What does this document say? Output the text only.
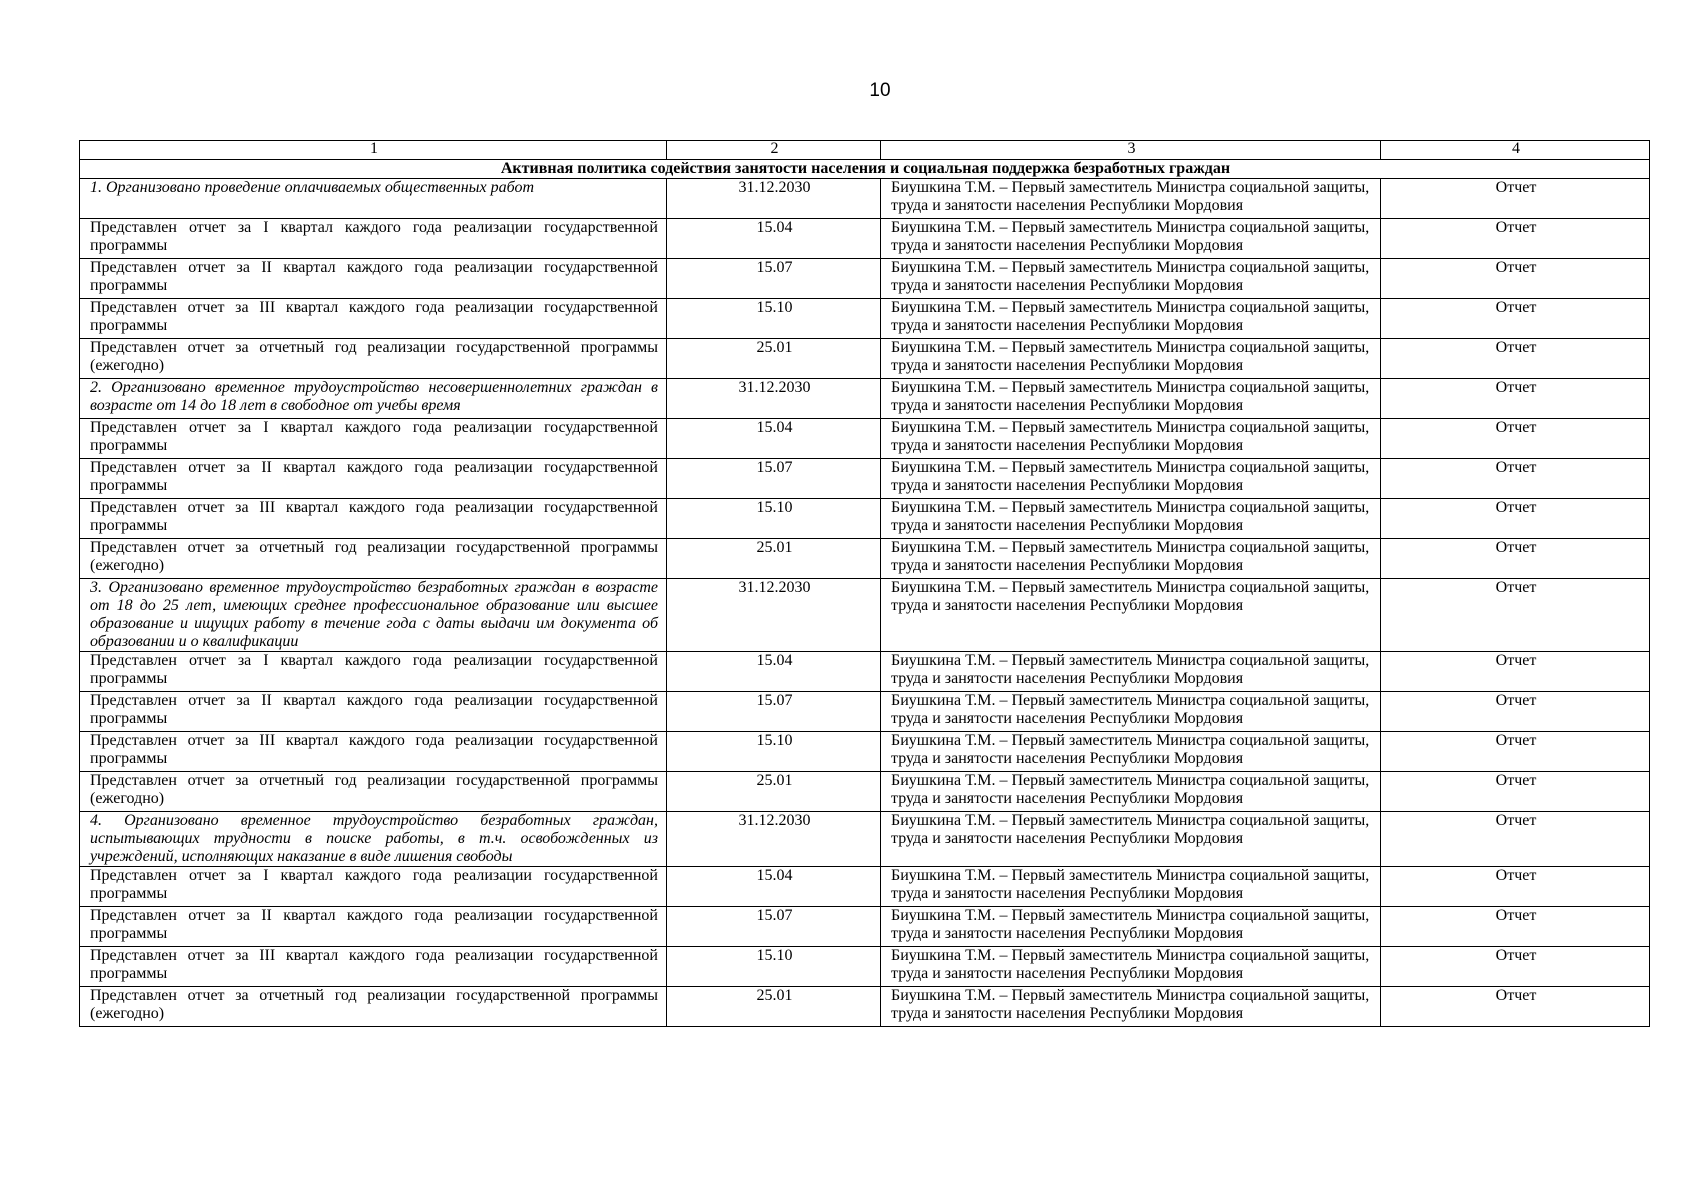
10
1	2	3	4
Активная политика содействия занятости населения и социальная поддержка безработных граждан			
1. Организовано проведение оплачиваемых общественных работ	31.12.2030	Биушкина Т.М. – Первый заместитель Министра социальной защиты, труда и занятости населения Республики Мордовия	Отчет
Представлен отчет за I квартал каждого года реализации государственной программы	15.04	Биушкина Т.М. – Первый заместитель Министра социальной защиты, труда и занятости населения Республики Мордовия	Отчет
Представлен отчет за II квартал каждого года реализации государственной программы	15.07	Биушкина Т.М. – Первый заместитель Министра социальной защиты, труда и занятости населения Республики Мордовия	Отчет
Представлен отчет за III квартал каждого года реализации государственной программы	15.10	Биушкина Т.М. – Первый заместитель Министра социальной защиты, труда и занятости населения Республики Мордовия	Отчет
Представлен отчет за отчетный год реализации государственной программы (ежегодно)	25.01	Биушкина Т.М. – Первый заместитель Министра социальной защиты, труда и занятости населения Республики Мордовия	Отчет
2. Организовано временное трудоустройство несовершеннолетних граждан в возрасте от 14 до 18 лет в свободное от учебы время	31.12.2030	Биушкина Т.М. – Первый заместитель Министра социальной защиты, труда и занятости населения Республики Мордовия	Отчет
Представлен отчет за I квартал каждого года реализации государственной программы	15.04	Биушкина Т.М. – Первый заместитель Министра социальной защиты, труда и занятости населения Республики Мордовия	Отчет
Представлен отчет за II квартал каждого года реализации государственной программы	15.07	Биушкина Т.М. – Первый заместитель Министра социальной защиты, труда и занятости населения Республики Мордовия	Отчет
Представлен отчет за III квартал каждого года реализации государственной программы	15.10	Биушкина Т.М. – Первый заместитель Министра социальной защиты, труда и занятости населения Республики Мордовия	Отчет
Представлен отчет за отчетный год реализации государственной программы (ежегодно)	25.01	Биушкина Т.М. – Первый заместитель Министра социальной защиты, труда и занятости населения Республики Мордовия	Отчет
3. Организовано временное трудоустройство безработных граждан в возрасте от 18 до 25 лет, имеющих среднее профессиональное образование или высшее образование и ищущих работу в течение года с даты выдачи им документа об образовании и о квалификации	31.12.2030	Биушкина Т.М. – Первый заместитель Министра социальной защиты, труда и занятости населения Республики Мордовия	Отчет
Представлен отчет за I квартал каждого года реализации государственной программы	15.04	Биушкина Т.М. – Первый заместитель Министра социальной защиты, труда и занятости населения Республики Мордовия	Отчет
Представлен отчет за II квартал каждого года реализации государственной программы	15.07	Биушкина Т.М. – Первый заместитель Министра социальной защиты, труда и занятости населения Республики Мордовия	Отчет
Представлен отчет за III квартал каждого года реализации государственной программы	15.10	Биушкина Т.М. – Первый заместитель Министра социальной защиты, труда и занятости населения Республики Мордовия	Отчет
Представлен отчет за отчетный год реализации государственной программы (ежегодно)	25.01	Биушкина Т.М. – Первый заместитель Министра социальной защиты, труда и занятости населения Республики Мордовия	Отчет
4. Организовано временное трудоустройство безработных граждан, испытывающих трудности в поиске работы, в т.ч. освобожденных из учреждений, исполняющих наказание в виде лишения свободы	31.12.2030	Биушкина Т.М. – Первый заместитель Министра социальной защиты, труда и занятости населения Республики Мордовия	Отчет
Представлен отчет за I квартал каждого года реализации государственной программы	15.04	Биушкина Т.М. – Первый заместитель Министра социальной защиты, труда и занятости населения Республики Мордовия	Отчет
Представлен отчет за II квартал каждого года реализации государственной программы	15.07	Биушкина Т.М. – Первый заместитель Министра социальной защиты, труда и занятости населения Республики Мордовия	Отчет
Представлен отчет за III квартал каждого года реализации государственной программы	15.10	Биушкина Т.М. – Первый заместитель Министра социальной защиты, труда и занятости населения Республики Мордовия	Отчет
Представлен отчет за отчетный год реализации государственной программы (ежегодно)	25.01	Биушкина Т.М. – Первый заместитель Министра социальной защиты, труда и занятости населения Республики Мордовия	Отчет
